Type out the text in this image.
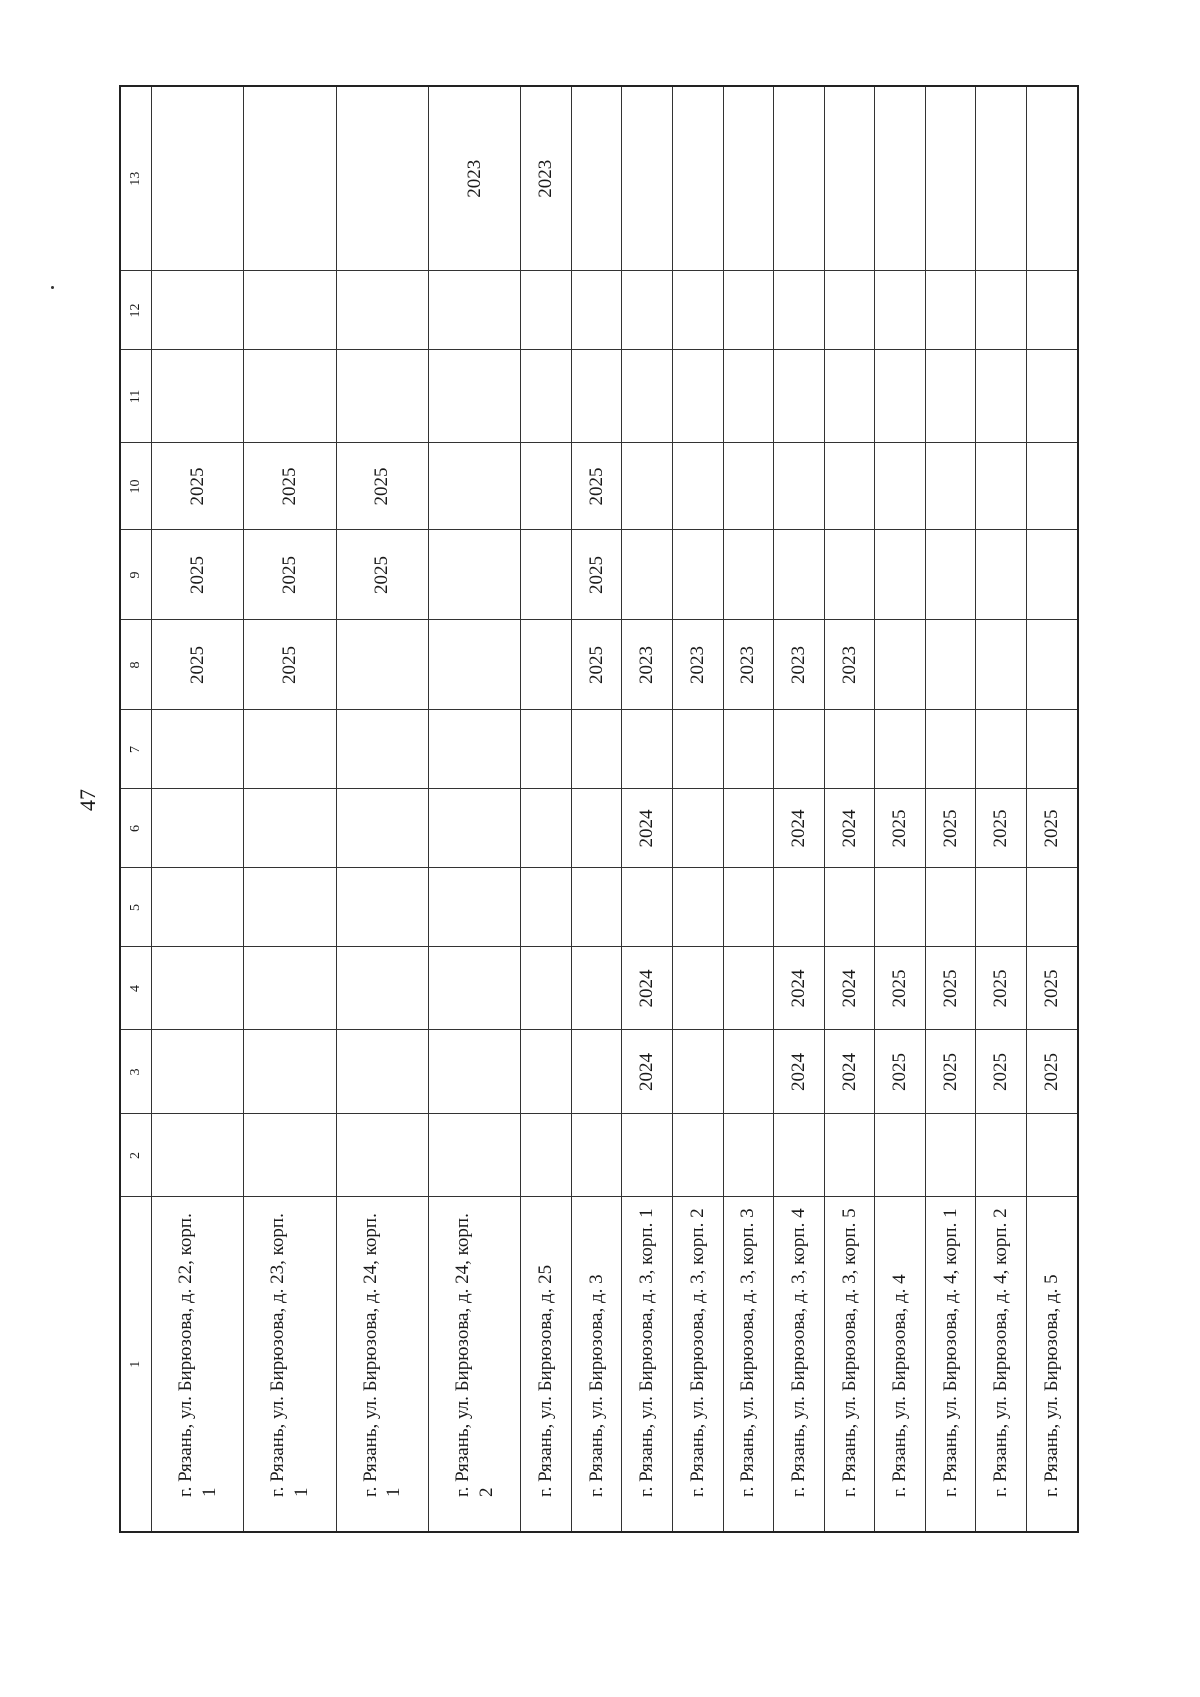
47
1	2	3	4	5	6	7	8	9	10	11	12	13
г. Рязань, ул. Бирюзова, д. 22, корп. 1							2025	2025	2025			
г. Рязань, ул. Бирюзова, д. 23, корп. 1							2025	2025	2025			
г. Рязань, ул. Бирюзова, д. 24, корп. 1								2025	2025			
г. Рязань, ул. Бирюзова, д. 24, корп. 2												2023
г. Рязань, ул. Бирюзова, д. 25												2023
г. Рязань, ул. Бирюзова, д. 3							2025	2025	2025			
г. Рязань, ул. Бирюзова, д. 3, корп. 1		2024	2024		2024		2023					
г. Рязань, ул. Бирюзова, д. 3, корп. 2							2023					
г. Рязань, ул. Бирюзова, д. 3, корп. 3							2023					
г. Рязань, ул. Бирюзова, д. 3, корп. 4		2024	2024		2024		2023					
г. Рязань, ул. Бирюзова, д. 3, корп. 5		2024	2024		2024		2023					
г. Рязань, ул. Бирюзова, д. 4		2025	2025		2025							
г. Рязань, ул. Бирюзова, д. 4, корп. 1		2025	2025		2025							
г. Рязань, ул. Бирюзова, д. 4, корп. 2		2025	2025		2025							
г. Рязань, ул. Бирюзова, д. 5		2025	2025		2025							
